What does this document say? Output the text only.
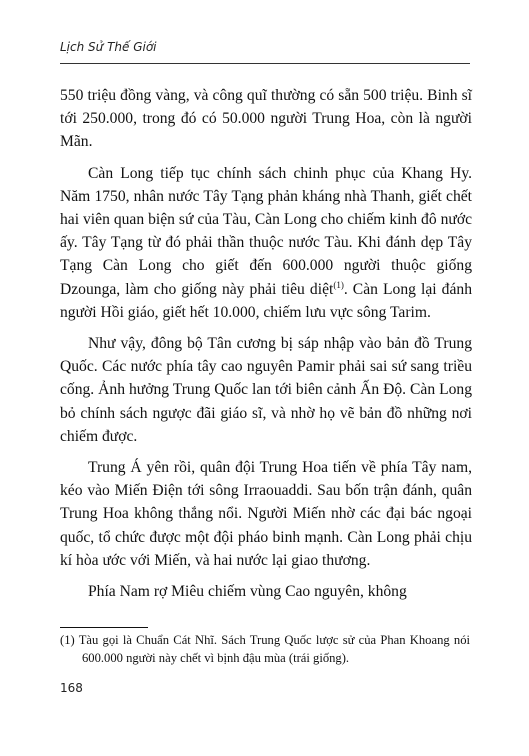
Lịch Sử Thế Giới

550 triệu đồng vàng, và công quĩ thường có sẵn 500 triệu. Binh sĩ tới 250.000, trong đó có 50.000 người Trung Hoa, còn là người Mãn.

Càn Long tiếp tục chính sách chinh phục của Khang Hy. Năm 1750, nhân nước Tây Tạng phản kháng nhà Thanh, giết chết hai viên quan biện sứ của Tàu, Càn Long cho chiếm kinh đô nước ấy. Tây Tạng từ đó phải thần thuộc nước Tàu. Khi đánh dẹp Tây Tạng Càn Long cho giết đến 600.000 người thuộc giống Dzounga, làm cho giống này phải tiêu diệt$^{(1)}$. Càn Long lại đánh người Hồi giáo, giết hết 10.000, chiếm lưu vực sông Tarim.

Như vậy, đông bộ Tân cương bị sáp nhập vào bản đồ Trung Quốc. Các nước phía tây cao nguyên Pamir phải sai sứ sang triều cống. Ảnh hưởng Trung Quốc lan tới biên cảnh Ấn Độ. Càn Long bỏ chính sách ngược đãi giáo sĩ, và nhờ họ vẽ bản đồ những nơi chiếm được.

Trung Á yên rồi, quân đội Trung Hoa tiến về phía Tây nam, kéo vào Miến Điện tới sông Irraouaddi. Sau bốn trận đánh, quân Trung Hoa không thắng nổi. Người Miến nhờ các đại bác ngoại quốc, tổ chức được một đội pháo binh mạnh. Càn Long phải chịu kí hòa ước với Miến, và hai nước lại giao thương.

Phía Nam rợ Miêu chiếm vùng Cao nguyên, không

(1) Tàu gọi là Chuẩn Cát Nhĩ. Sách Trung Quốc lược sử của Phan Khoang nói 600.000 người này chết vì bịnh đậu mùa (trái giống).
168
